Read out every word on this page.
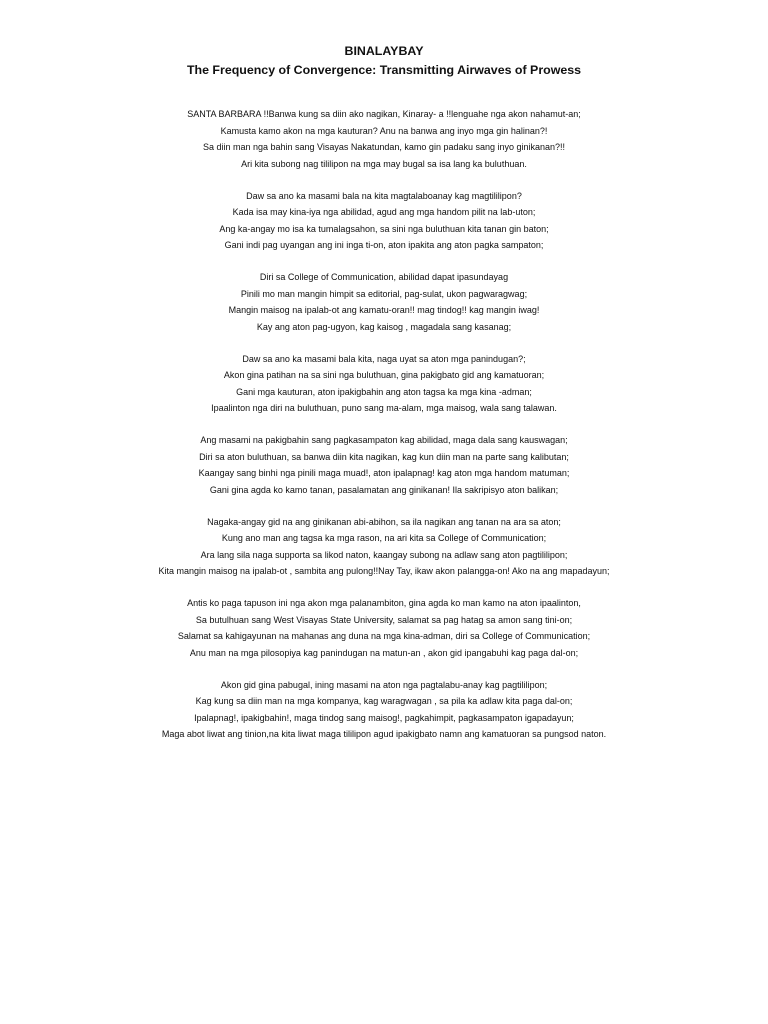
BINALAYBAY
The Frequency of Convergence: Transmitting Airwaves of Prowess
SANTA BARBARA !!Banwa kung sa diin ako nagikan, Kinaray- a !!lenguahe nga akon nahamut-an;
Kamusta kamo akon na mga kauturan? Anu na banwa ang inyo mga gin halinan?!
Sa diin man nga bahin sang Visayas Nakatundan, kamo gin padaku sang inyo ginikanan?!!
Ari kita subong nag tililipon na mga may bugal sa isa lang ka buluthuan.
Daw sa ano ka masami bala na kita magtalaboanay kag magtililipon?
Kada isa may kina-iya nga abilidad, agud ang mga handom pilit na lab-uton;
Ang ka-angay mo isa ka tumalagsahon, sa sini nga buluthuan kita tanan gin baton;
Gani indi pag uyangan ang ini inga ti-on, aton ipakita ang aton pagka sampaton;
Diri sa College of Communication, abilidad dapat ipasundayag
Pinili mo man mangin himpit sa editorial, pag-sulat, ukon pagwaragwag;
Mangin maisog na ipalab-ot ang kamatu-oran!! mag tindog!! kag mangin iwag!
Kay ang aton pag-ugyon, kag kaisog , magadala sang kasanag;
Daw sa ano ka masami bala kita, naga uyat sa aton mga panindugan?;
Akon gina patihan na sa sini nga buluthuan, gina pakigbato gid ang kamatuoran;
Gani mga kauturan, aton ipakigbahin ang aton tagsa ka mga kina -adman;
Ipaalinton nga diri na buluthuan, puno sang ma-alam, mga maisog, wala sang talawan.
Ang masami na pakigbahin sang pagkasampaton kag abilidad, maga dala sang kauswagan;
Diri sa aton buluthuan, sa banwa diin kita nagikan, kag kun diin man na parte sang kalibutan;
Kaangay sang binhi nga pinili maga muad!, aton ipalapnag! kag aton mga handom matuman;
Gani gina agda ko kamo tanan, pasalamatan ang ginikanan! Ila sakripisyo aton balikan;
Nagaka-angay gid na ang ginikanan abi-abihon, sa ila nagikan ang tanan na ara sa aton;
Kung ano man ang tagsa ka mga rason, na ari kita sa College of Communication;
Ara lang sila naga supporta sa likod naton, kaangay subong na adlaw sang aton pagtililipon;
Kita mangin maisog na ipalab-ot , sambita ang pulong!!Nay Tay, ikaw akon palangga-on! Ako na ang mapadayun;
Antis ko paga tapuson ini nga akon mga palanambiton, gina agda ko man kamo na aton ipaalinton,
Sa butulhuan sang West Visayas State University, salamat sa pag hatag sa amon sang tini-on;
Salamat sa kahigayunan na mahanas ang duna na mga kina-adman, diri sa College of Communication;
Anu man na mga pilosopiya kag panindugan na matun-an , akon gid ipangabuhi kag paga dal-on;
Akon gid gina pabugal, ining masami na aton nga pagtalabu-anay kag pagtililipon;
Kag kung sa diin man na mga kompanya, kag waragwagan , sa pila ka adlaw kita paga dal-on;
Ipalapnag!, ipakigbahin!, maga tindog sang maisog!, pagkahimpit, pagkasampaton igapadayun;
Maga abot liwat ang tinion,na kita liwat maga tililipon agud ipakigbato namn ang kamatuoran sa pungsod naton.
